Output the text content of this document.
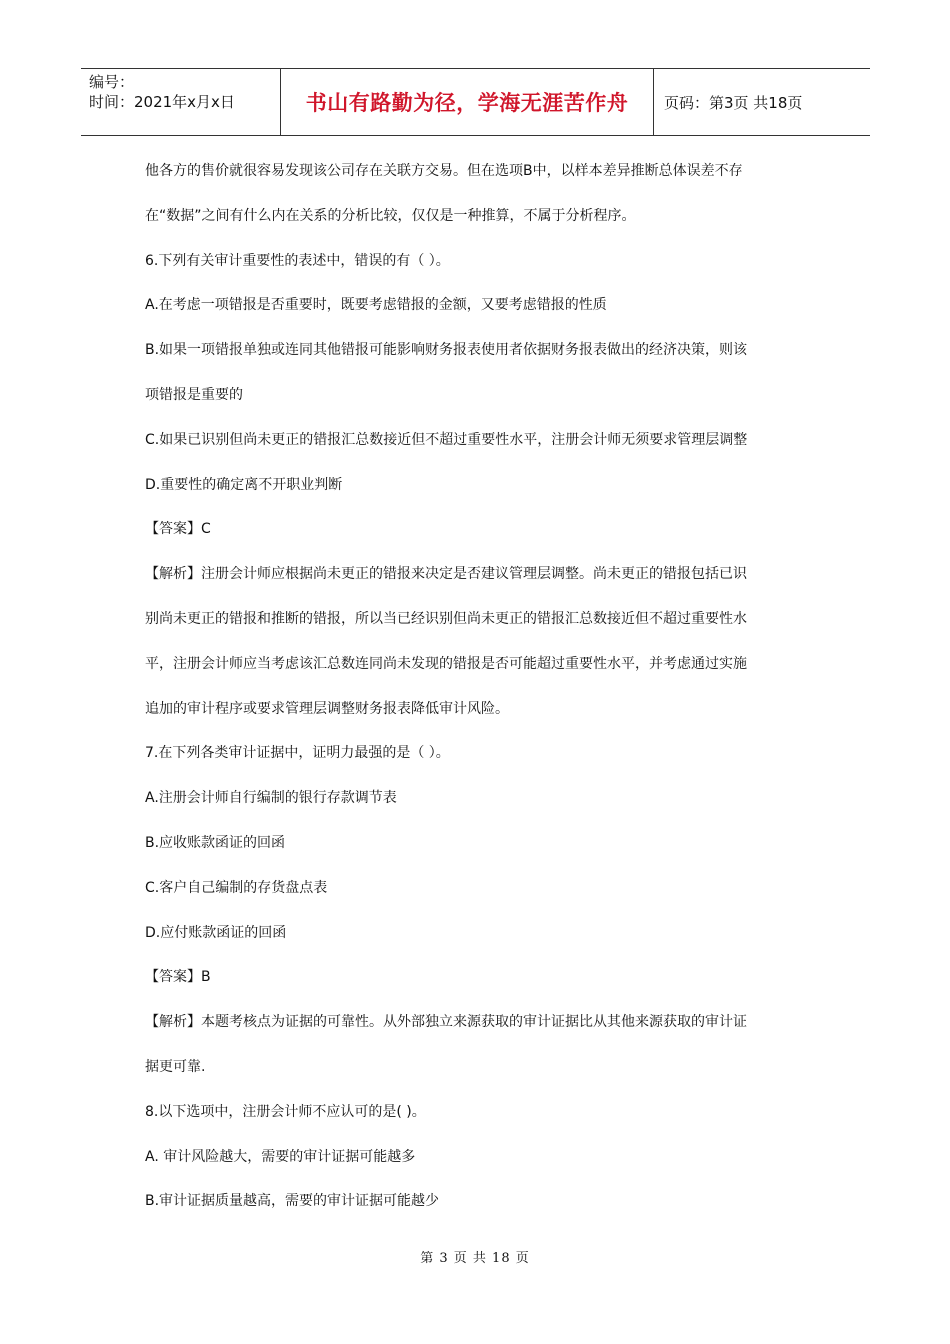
编号：
时间：2021年x月x日	书山有路勤为径，学海无涯苦作舟 页码：第3页 共18页
他各方的售价就很容易发现该公司存在关联方交易。但在选项B中，以样本差异推断总体误差不存
在“数据”之间有什么内在关系的分析比较，仅仅是一种推算，不属于分析程序。
6.下列有关审计重要性的表述中，错误的有（ ）。
A.在考虑一项错报是否重要时，既要考虑错报的金额，又要考虑错报的性质
B.如果一项错报单独或连同其他错报可能影响财务报表使用者依据财务报表做出的经济决策，则该
项错报是重要的
C.如果已识别但尚未更正的错报汇总数接近但不超过重要性水平，注册会计师无须要求管理层调整
D.重要性的确定离不开职业判断
【答案】C
【解析】注册会计师应根据尚未更正的错报来决定是否建议管理层调整。尚未更正的错报包括已识
别尚未更正的错报和推断的错报，所以当已经识别但尚未更正的错报汇总数接近但不超过重要性水
平，注册会计师应当考虑该汇总数连同尚未发现的错报是否可能超过重要性水平，并考虑通过实施
追加的审计程序或要求管理层调整财务报表降低审计风险。
7.在下列各类审计证据中，证明力最强的是（ ）。
A.注册会计师自行编制的银行存款调节表
B.应收账款函证的回函
C.客户自己编制的存货盘点表
D.应付账款函证的回函
【答案】B
【解析】本题考核点为证据的可靠性。从外部独立来源获取的审计证据比从其他来源获取的审计证
据更可靠.
8.以下选项中，注册会计师不应认可的是( )。
A. 审计风险越大，需要的审计证据可能越多
B.审计证据质量越高，需要的审计证据可能越少
第 3 页 共 18 页
